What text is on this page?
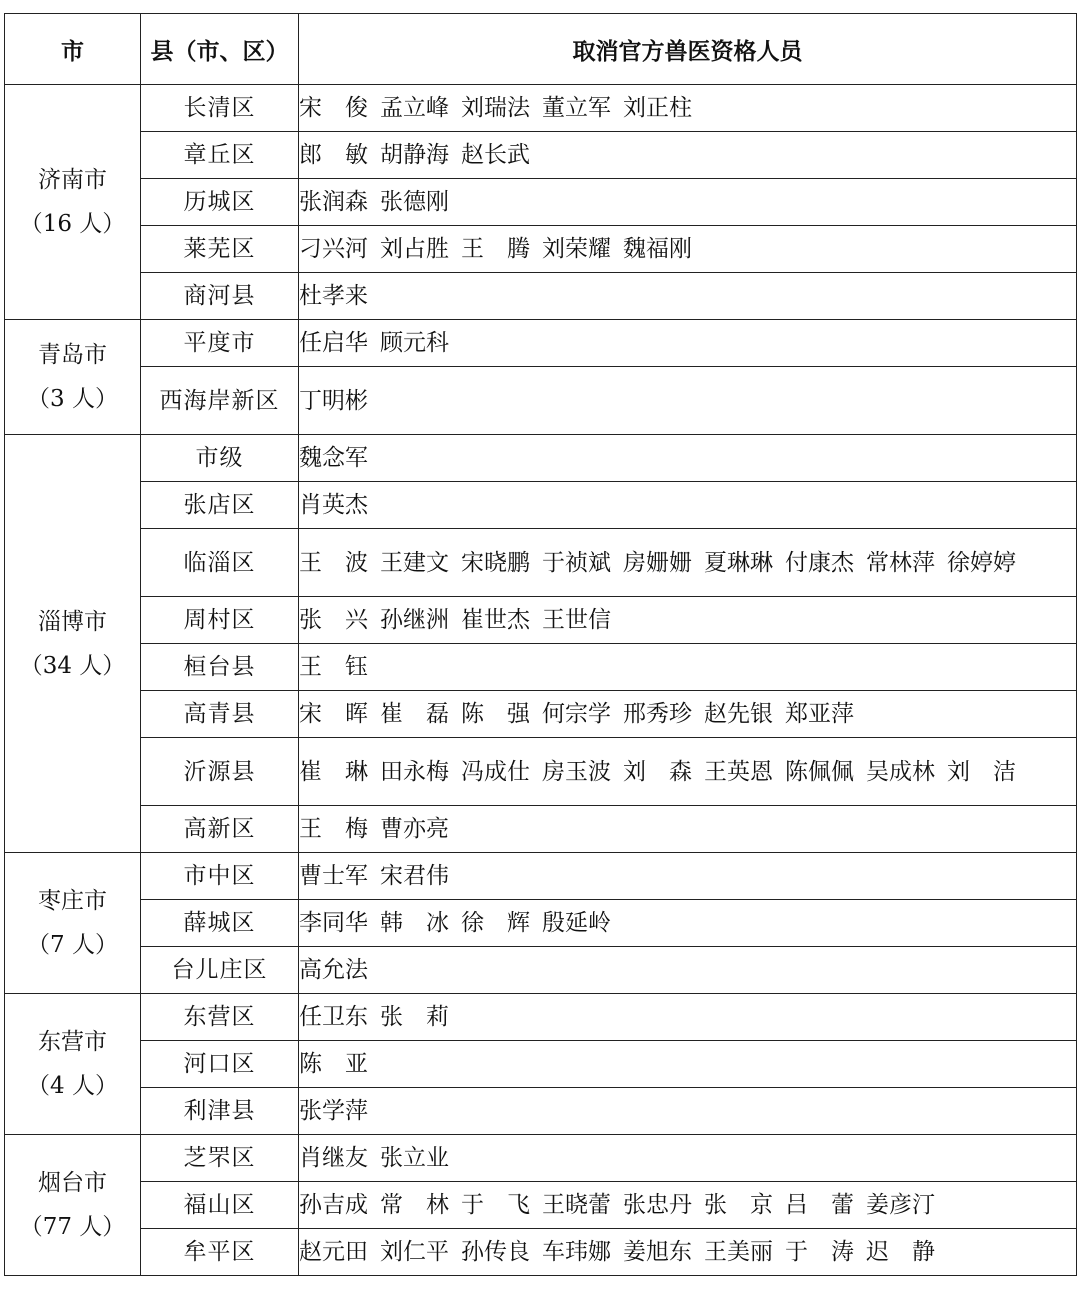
市	县（市、区）	取消官方兽医资格人员

济南市
（16 人）	长清区	宋　俊 孟立峰 刘瑞法 董立军 刘正柱
	章丘区	郎　敏 胡静海 赵长武
	历城区	张润森 张德刚
	莱芜区	刁兴河 刘占胜 王　腾 刘荣耀 魏福刚
	商河县	杜孝来

青岛市
（3 人）	平度市	任启华 顾元科
	西海岸新区	丁明彬

淄博市
（34 人）	市级	魏念军
	张店区	肖英杰
	临淄区	王　波 王建文 宋晓鹏 于祯斌 房姗姗 夏琳琳 付康杰 常林萍 徐婷婷
	周村区	张　兴 孙继洲 崔世杰 王世信
	桓台县	王　钰
	高青县	宋　晖 崔　磊 陈　强 何宗学 邢秀珍 赵先银 郑亚萍
	沂源县	崔　琳 田永梅 冯成仕 房玉波 刘　森 王英恩 陈佩佩 吴成林 刘　洁
	高新区	王　梅 曹亦亮

枣庄市
（7 人）	市中区	曹士军 宋君伟
	薛城区	李同华 韩　冰 徐　辉 殷延岭
	台儿庄区	高允法

东营市
（4 人）	东营区	任卫东 张　莉
	河口区	陈　亚
	利津县	张学萍

烟台市
（77 人）	芝罘区	肖继友 张立业
	福山区	孙吉成 常　林 于　飞 王晓蕾 张忠丹 张　京 吕　蕾 姜彦汀
	牟平区	赵元田 刘仁平 孙传良 车玮娜 姜旭东 王美丽 于　涛 迟　静
